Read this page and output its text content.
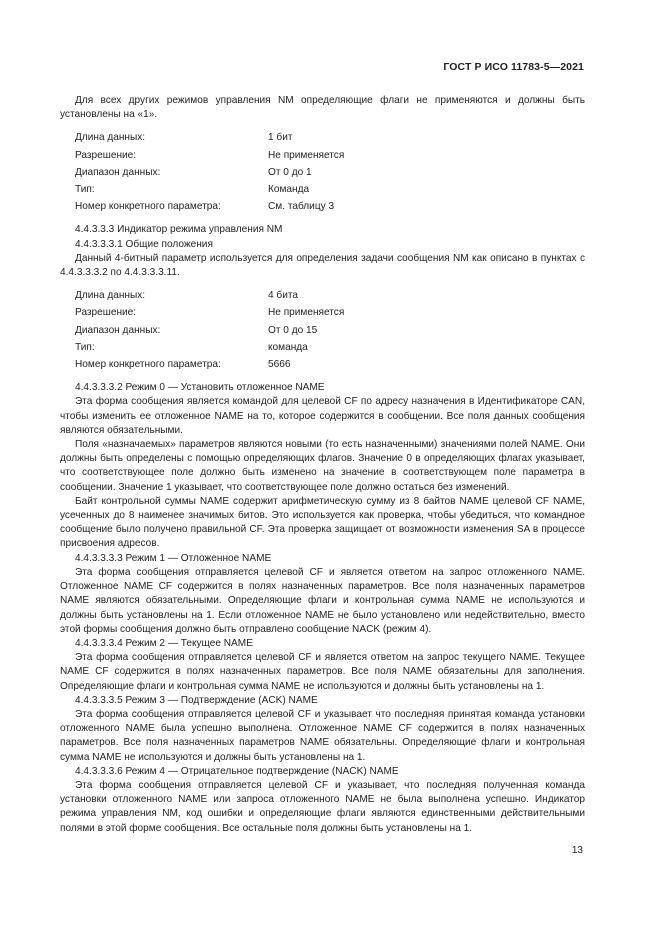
ГОСТ Р ИСО 11783-5—2021

Для всех других режимов управления NM определяющие флаги не применяются и должны быть установлены на «1».

Длина данных:	1 бит
Разрешение:	Не применяется
Диапазон данных:	От 0 до 1
Тип:	Команда
Номер конкретного параметра:	См. таблицу 3

4.4.3.3.3 Индикатор режима управления NM

4.4.3.3.3.1 Общие положения

Данный 4-битный параметр используется для определения задачи сообщения NM как описано в пунктах с 4.4.3.3.3.2 по 4.4.3.3.3.11.

Длина данных:	4 бита
Разрешение:	Не применяется
Диапазон данных:	От 0 до 15
Тип:	команда
Номер конкретного параметра:	5666

4.4.3.3.3.2 Режим 0 — Установить отложенное NAME

Эта форма сообщения является командой для целевой CF по адресу назначения в Идентификаторе CAN, чтобы изменить ее отложенное NAME на то, которое содержится в сообщении. Все поля данных сообщения являются обязательными.

Поля «назначаемых» параметров являются новыми (то есть назначенными) значениями полей NAME. Они должны быть определены с помощью определяющих флагов. Значение 0 в определяющих флагах указывает, что соответствующее поле должно быть изменено на значение в соответствующем поле параметра в сообщении. Значение 1 указывает, что соответствующее поле должно остаться без изменений.

Байт контрольной суммы NAME содержит арифметическую сумму из 8 байтов NAME целевой CF NAME, усеченных до 8 наименее значимых битов. Это используется как проверка, чтобы убедиться, что командное сообщение было получено правильной CF. Эта проверка защищает от возможности изменения SA в процессе присвоения адресов.

4.4.3.3.3.3 Режим 1 — Отложенное NAME

Эта форма сообщения отправляется целевой CF и является ответом на запрос отложенного NAME. Отложенное NAME CF содержится в полях назначенных параметров. Все поля назначенных параметров NAME являются обязательными. Определяющие флаги и контрольная сумма NAME не используются и должны быть установлены на 1. Если отложенное NAME не было установлено или недействительно, вместо этой формы сообщения должно быть отправлено сообщение NACK (режим 4).

4.4.3.3.3.4 Режим 2 — Текущее NAME

Эта форма сообщения отправляется целевой CF и является ответом на запрос текущего NAME. Текущее NAME CF содержится в полях назначенных параметров. Все поля NAME обязательны для заполнения. Определяющие флаги и контрольная сумма NAME не используются и должны быть установлены на 1.

4.4.3.3.3.5 Режим 3 — Подтверждение (ACK) NAME

Эта форма сообщения отправляется целевой CF и указывает что последняя принятая команда установки отложенного NAME была успешно выполнена. Отложенное NAME CF содержится в полях назначенных параметров. Все поля назначенных параметров NAME обязательны. Определяющие флаги и контрольная сумма NAME не используются и должны быть установлены на 1.

4.4.3.3.3.6 Режим 4 — Отрицательное подтверждение (NACK) NAME

Эта форма сообщения отправляется целевой CF и указывает, что последняя полученная команда установки отложенного NAME или запроса отложенного NAME не была выполнена успешно. Индикатор режима управления NM, код ошибки и определяющие флаги являются единственными действительными полями в этой форме сообщения. Все остальные поля должны быть установлены на 1.

13
